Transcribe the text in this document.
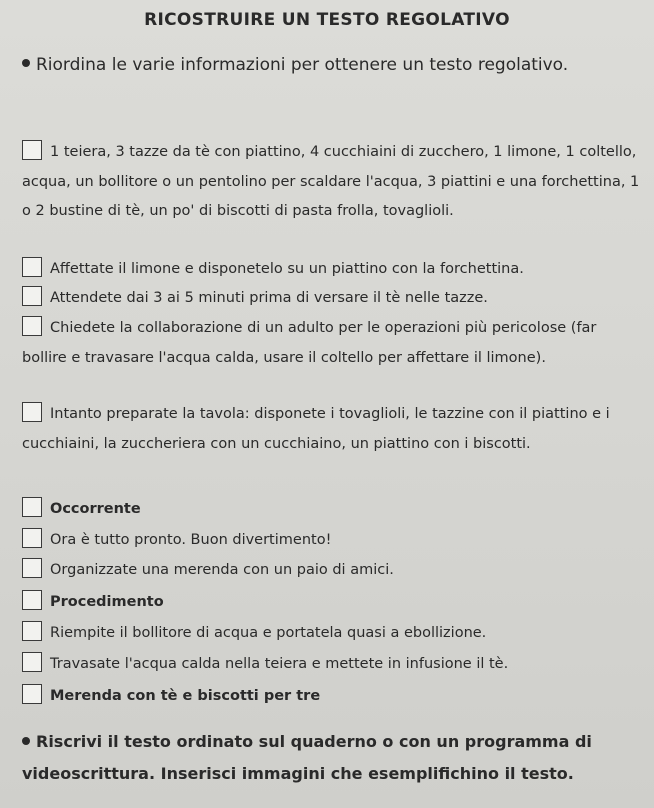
RICOSTRUIRE UN TESTO REGOLATIVO
Riordina le varie informazioni per ottenere un testo regolativo.
1 teiera, 3 tazze da tè con piattino, 4 cucchiaini di zucchero, 1 limone, 1 coltello, acqua, un bollitore o un pentolino per scaldare l'acqua, 3 piattini e una forchettina, 1 o 2 bustine di tè, un po' di biscotti di pasta frolla, tovaglioli.
Affettate il limone e disponetelo su un piattino con la forchettina.
Attendete dai 3 ai 5 minuti prima di versare il tè nelle tazze.
Chiedete la collaborazione di un adulto per le operazioni più pericolose (far bollire e travasare l'acqua calda, usare il coltello per affettare il limone).
Intanto preparate la tavola: disponete i tovaglioli, le tazzine con il piattino e i cucchiaini, la zuccheriera con un cucchiaino, un piattino con i biscotti.
Occorrente
Ora è tutto pronto. Buon divertimento!
Organizzate una merenda con un paio di amici.
Procedimento
Riempite il bollitore di acqua e portatela quasi a ebollizione.
Travasate l'acqua calda nella teiera e mettete in infusione il tè.
Merenda con tè e biscotti per tre
Riscrivi il testo ordinato sul quaderno o con un programma di videoscrittura. Inserisci immagini che esemplifichino il testo.
